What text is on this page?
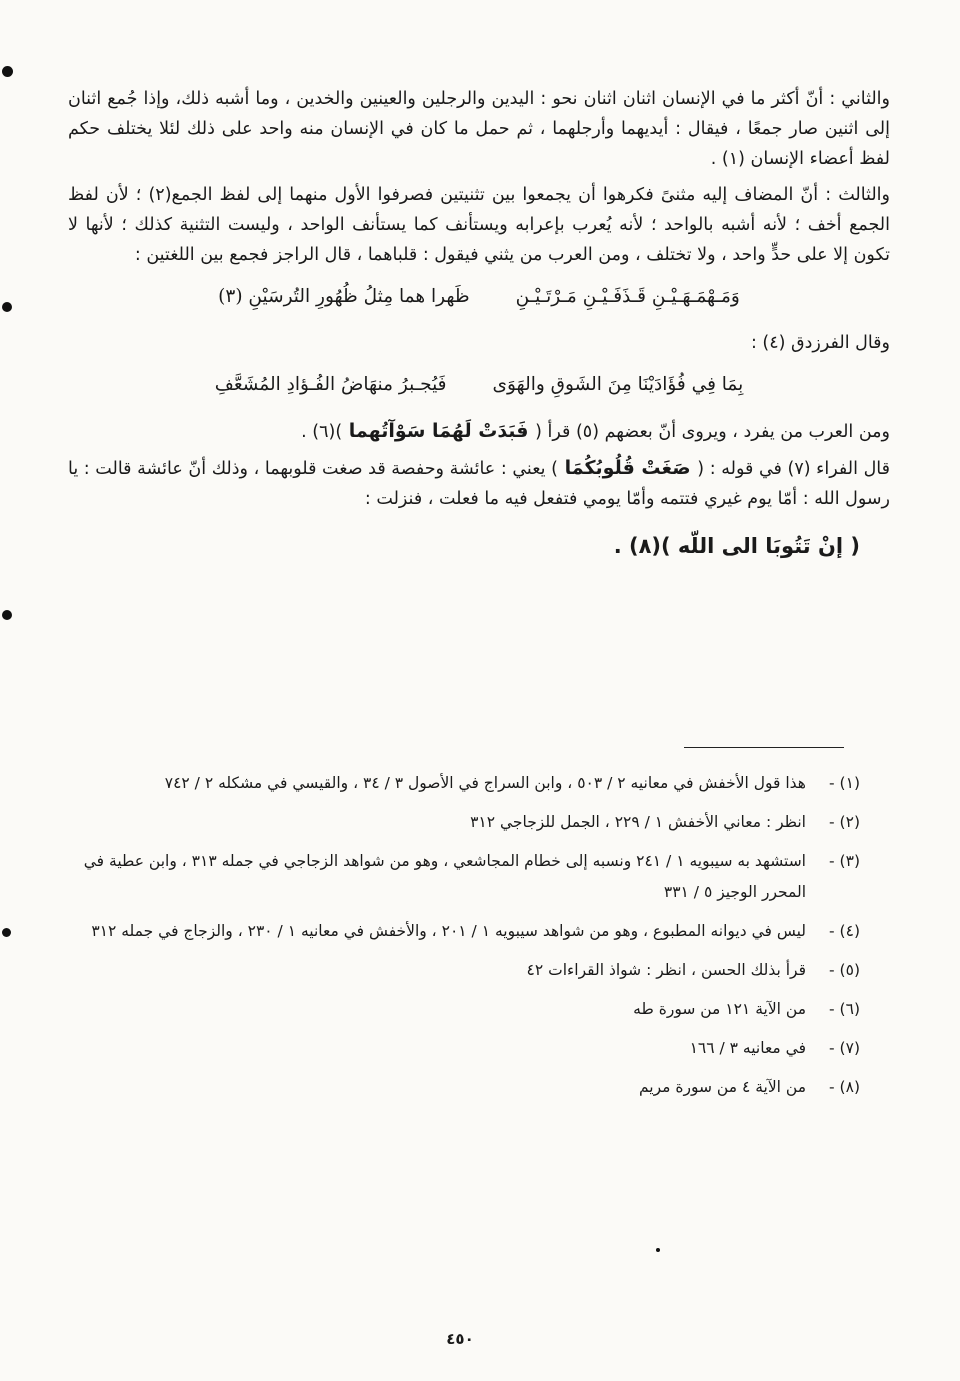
والثاني : أنّ أكثر ما في الإنسان اثنان اثنان نحو : اليدين والرجلين والعينين والخدين ، وما أشبه ذلك، وإذا جُمع اثنان إلى اثنين صار جمعًا ، فيقال : أيديهما وأرجلهما ، ثم حمل ما كان في الإنسان منه واحد على ذلك لئلا يختلف حكم لفظ أعضاء الإنسان (١) .

والثالث : أنّ المضاف إليه مثنىً فكرهوا أن يجمعوا بين تثنيتين فصرفوا الأول منهما إلى لفظ الجمع(٢) ؛ لأن لفظ الجمع أخف ؛ لأنه أشبه بالواحد ؛ لأنه يُعرب بإعرابه ويستأنف كما يستأنف الواحد ، وليست التثنية كذلك ؛ لأنها لا تكون إلا على حدٍّ واحد ، ولا تختلف ، ومن العرب من يثني فيقول : قلباهما ، قال الراجز فجمع بين اللغتين :

وَمَـهْمَـهَـيْـنِ قَـذَفَـيْـنِ مَـرْتَـيْـنِ
ظَهرا هما مِثلُ ظُهُورِ التُرسَيْنِ (٣)

وقال الفرزدق (٤) :

بِمَا فِي فُؤَادَيْنَا مِنَ الشَوقِ والهَوَى
فَيُجـبرُ منهَاضُ الفُـؤادِ المُشَعَّفِ

ومن العرب من يفرد ، ويروى أنّ بعضهم (٥) قرأ ( فَبَدَتْ لَهُمَا سَوْآتُهما )(٦) .

قال الفراء (٧) في قوله : ( صَغَتْ قُلُوبُكُمَا ) يعني : عائشة وحفصة قد صغت قلوبهما ، وذلك أنّ عائشة قالت : يا رسول الله : أمّا يوم غيري فتتمه وأمّا يومي فتفعل فيه ما فعلت ، فنزلت :

( إنْ تَتُوبَا الى اللّه )(٨) .
(١) -
هذا قول الأخفش في معانيه ٢ / ٥٠٣ ، وابن السراج في الأصول ٣ / ٣٤ ، والقيسي في مشكله ٢ / ٧٤٢
(٢) -
انظر : معاني الأخفش ١ / ٢٢٩ ، الجمل للزجاجي ٣١٢
(٣) -
استشهد به سيبويه ١ / ٢٤١ ونسبه إلى خطام المجاشعي ، وهو من شواهد الزجاجي في جمله ٣١٣ ، وابن عطية في المحرر الوجيز ٥ / ٣٣١
(٤) -
ليس في ديوانه المطبوع ، وهو من شواهد سيبويه ١ / ٢٠١ ، والأخفش في معانيه ١ / ٢٣٠ ، والزجاج في جمله ٣١٢
(٥) -
قرأ بذلك الحسن ، انظر : شواذ القراءات ٤٢
(٦) -
من الآية ١٢١ من سورة طه
(٧) -
في معانيه ٣ / ١٦٦
(٨) -
من الآية ٤ من سورة مريم
٤٥٠
